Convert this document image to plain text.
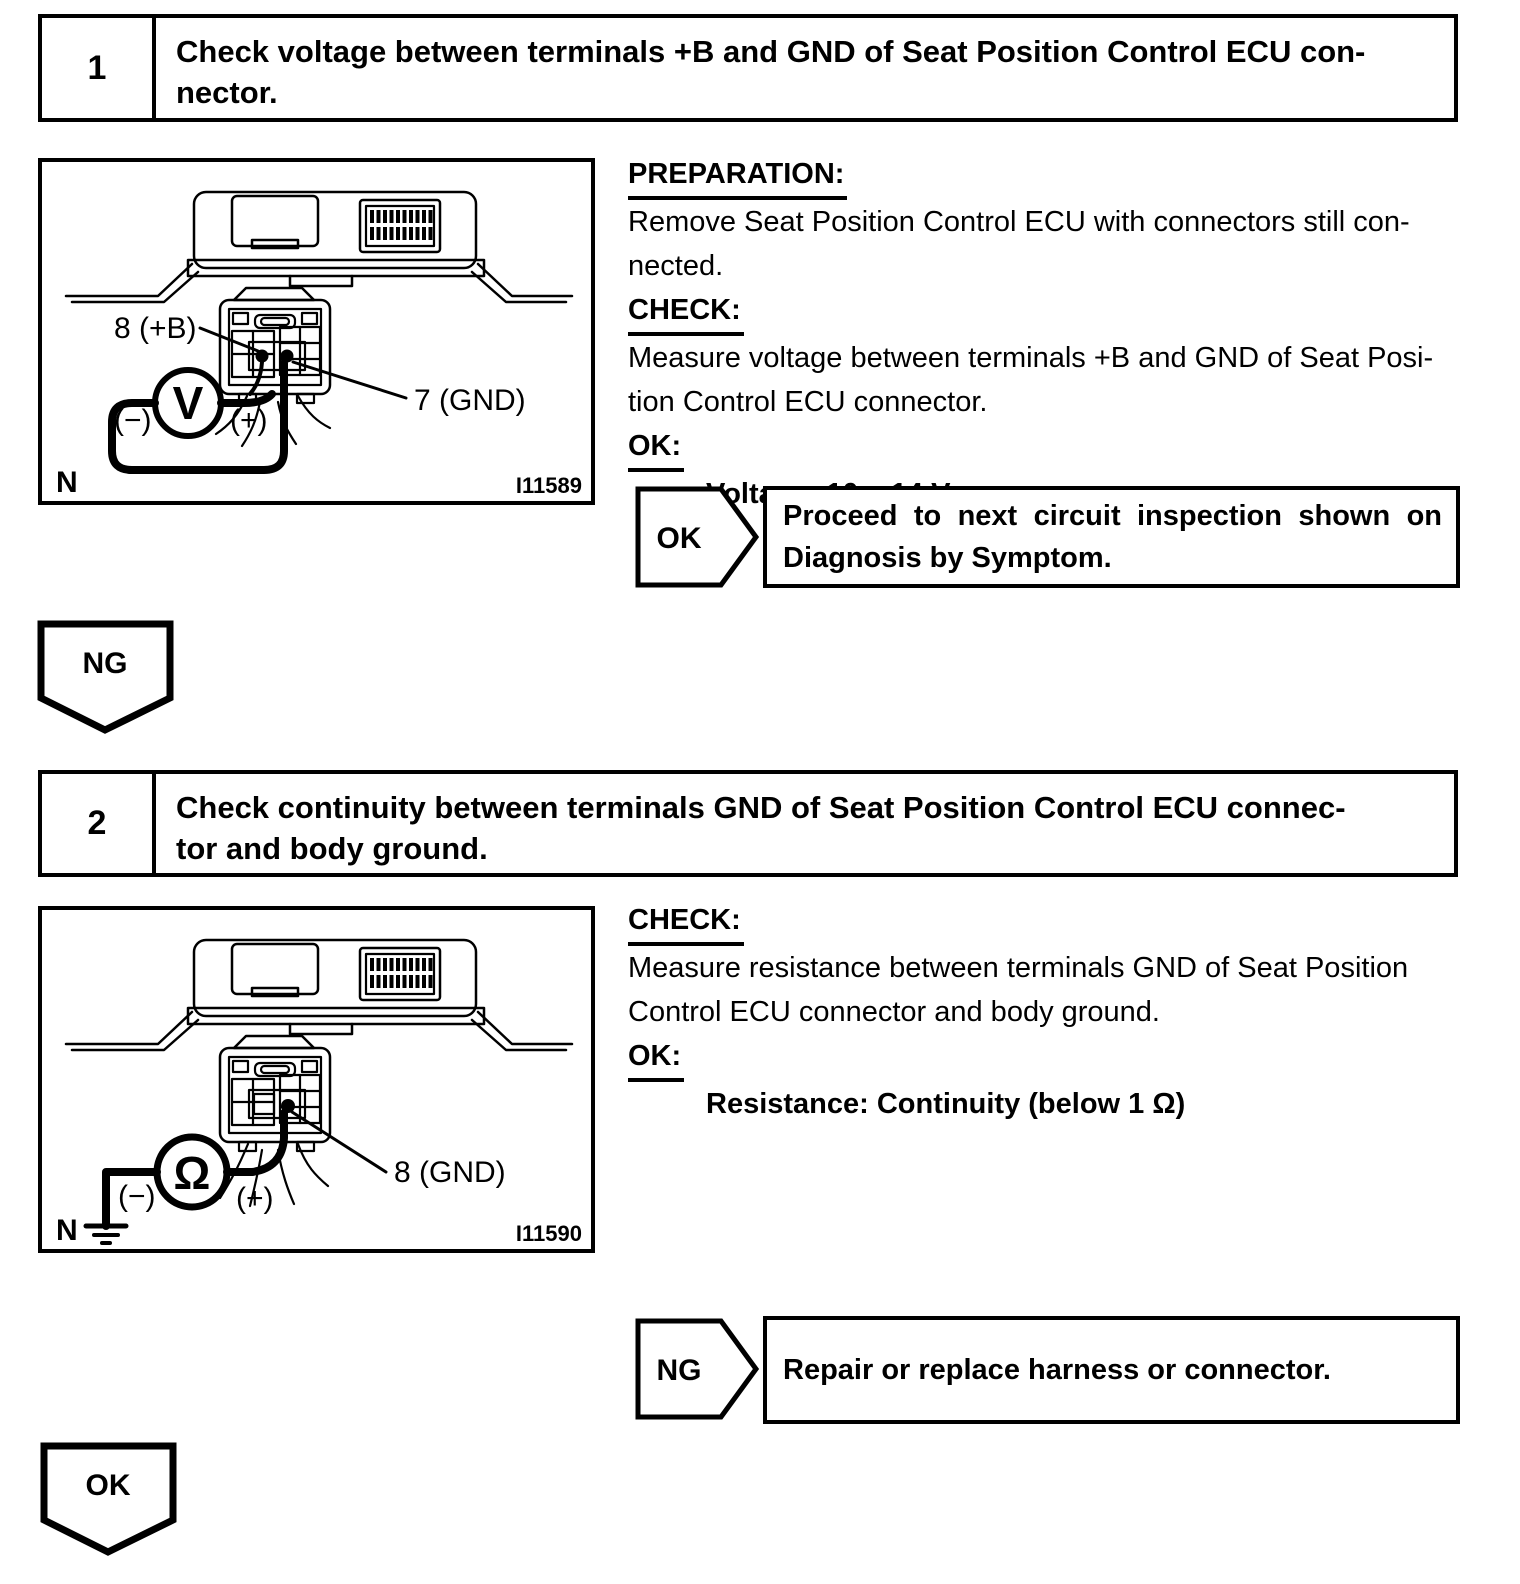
1	Check voltage between terminals +B and GND of Seat Position Control ECU con-
nector.
V
8 (+B)
7 (GND)
(−)	(+)
N	I11589
PREPARATION:
Remove Seat Position Control ECU with connectors still con-
nected.
CHECK:
Measure voltage between terminals +B and GND of Seat Posi-
tion Control ECU connector.
OK:
OK
Proceed to next circuit inspection shown on
Diagnosis by Symptom.
NG
2	Check continuity between terminals GND of Seat Position Control ECU connec-
tor and body ground.
Ω	8 (GND)
(−)	(+)
N	I11590
CHECK:
Measure resistance between terminals GND of Seat Position
Control ECU connector and body ground.
OK:
Resistance: Continuity (below 1 Ω)
NG	Repair or replace harness or connector.
OK
